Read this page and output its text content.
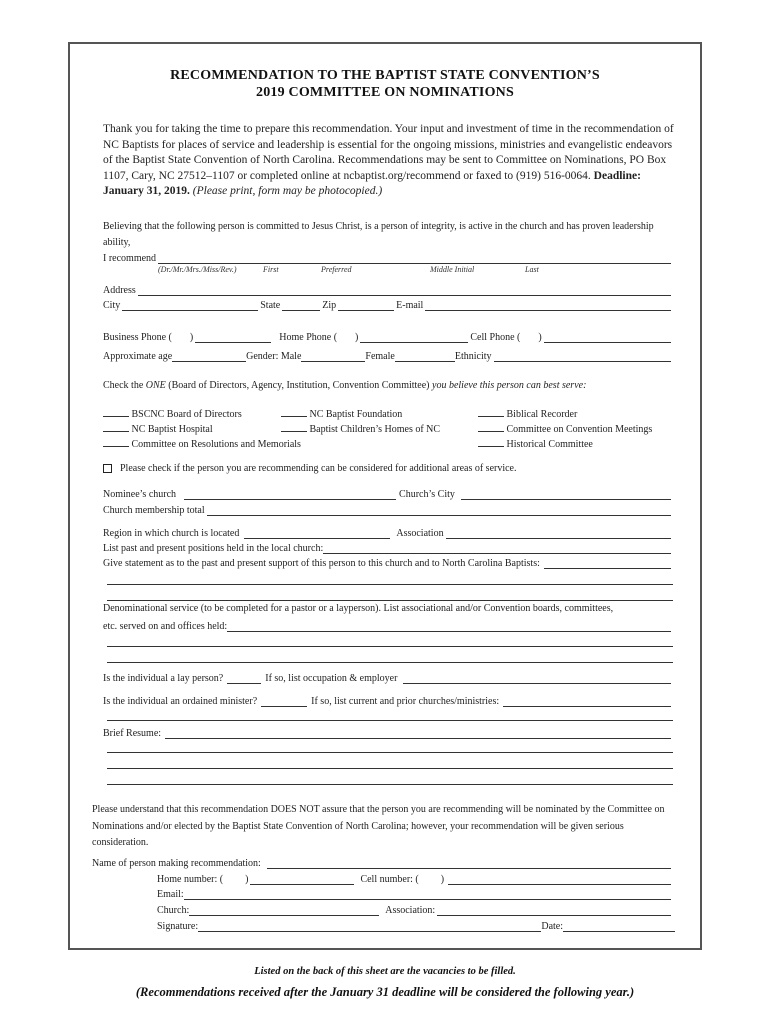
RECOMMENDATION TO THE BAPTIST STATE CONVENTION’S
2019 COMMITTEE ON NOMINATIONS
Thank you for taking the time to prepare this recommendation. Your input and investment of time in the recommendation of NC Baptists for places of service and leadership is essential for the ongoing missions, ministries and evangelistic endeavors of the Baptist State Convention of North Carolina. Recommendations may be sent to Committee on Nominations, PO Box 1107, Cary, NC 27512–1107 or completed online at ncbaptist.org/recommend or faxed to (919) 516-0064. Deadline: January 31, 2019. (Please print, form may be photocopied.)
Believing that the following person is committed to Jesus Christ, is a person of integrity, is active in the church and has proven leadership ability,
I recommend
(Dr./Mr./Mrs./Miss/Rev.)	First	Preferred	Middle Initial	Last
Address
City	State	Zip	E-mail
Business Phone ( )	Home Phone ( )	Cell Phone ( )
Approximate age	Gender: Male	Female	Ethnicity
Check the ONE (Board of Directors, Agency, Institution, Convention Committee) you believe this person can best serve:
BSCNC Board of Directors
NC Baptist Hospital
Committee on Resolutions and Memorials
NC Baptist Foundation
Baptist Children’s Homes of NC
Biblical Recorder
Committee on Convention Meetings
Historical Committee
Please check if the person you are recommending can be considered for additional areas of service.
Nominee’s church	Church’s City
Church membership total
Region in which church is located	Association
List past and present positions held in the local church:
Give statement as to the past and present support of this person to this church and to North Carolina Baptists:
Denominational service (to be completed for a pastor or a layperson). List associational and/or Convention boards, committees,
etc. served on and offices held:
Is the individual a lay person?	If so, list occupation & employer
Is the individual an ordained minister?	If so, list current and prior churches/ministries:
Brief Resume:
Please understand that this recommendation DOES NOT assure that the person you are recommending will be nominated by the Committee on Nominations and/or elected by the Baptist State Convention of North Carolina; however, your recommendation will be given serious consideration.
Name of person making recommendation:
Home number: ( )	Cell number: ( )
Email:
Church:	Association:
Signature:	Date:
Listed on the back of this sheet are the vacancies to be filled.
(Recommendations received after the January 31 deadline will be considered the following year.)
